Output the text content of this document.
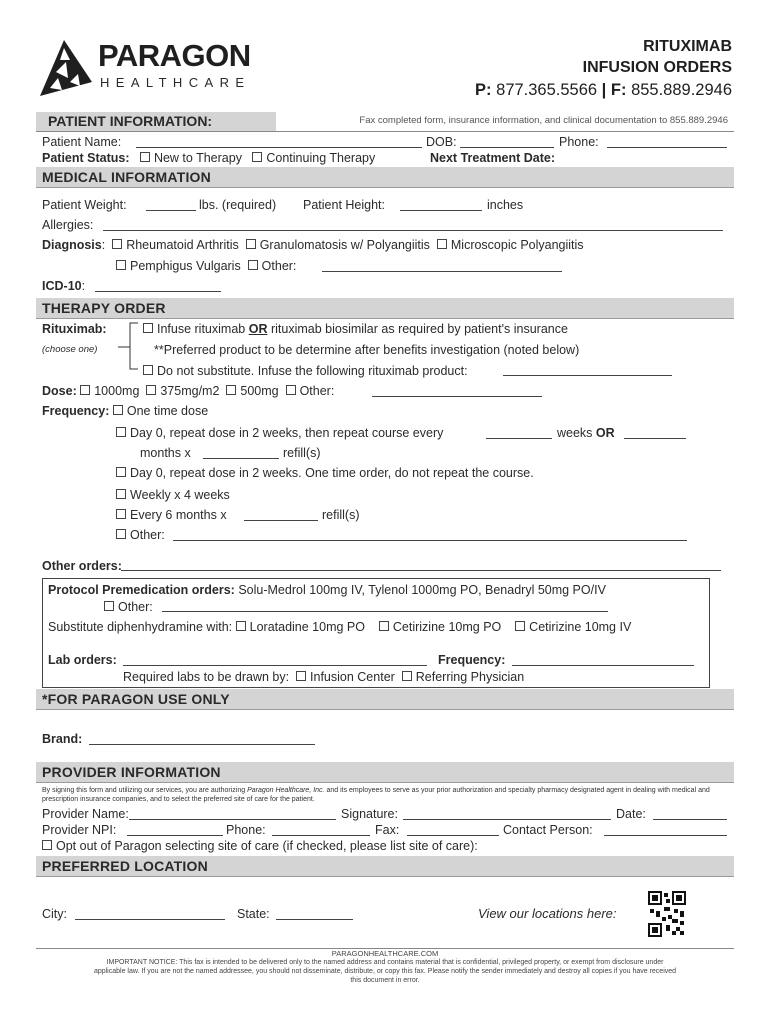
PARAGON
HEALTHCARE
RITUXIMAB
INFUSION ORDERS
P: 877.365.5566 | F: 855.889.2946
PATIENT INFORMATION:	Fax completed form, insurance information, and clinical documentation to 855.889.2946
Patient Name:	DOB:	Phone:
Patient Status: New to Therapy Continuing Therapy	Next Treatment Date:
MEDICAL INFORMATION
Patient Weight:	lbs. (required) Patient Height:	inches
Allergies:
Diagnosis: Rheumatoid Arthritis Granulomatosis w/ Polyangiitis Microscopic Polyangiitis
Pemphigus Vulgaris Other:
ICD-10:
THERAPY ORDER
Rituximab:
(choose one)
Infuse rituximab OR rituximab biosimilar as required by patient's insurance
**Preferred product to be determine after benefits investigation (noted below)
Do not substitute. Infuse the following rituximab product:
Dose: 1000mg 375mg/m2 500mg Other:
Frequency: One time dose
Day 0, repeat dose in 2 weeks, then repeat course every	weeks OR
months x	refill(s)
Day 0, repeat dose in 2 weeks. One time order, do not repeat the course.
Weekly x 4 weeks
Every 6 months x	refill(s)
Other:
Other orders:
Protocol Premedication orders: Solu-Medrol 100mg IV, Tylenol 1000mg PO, Benadryl 50mg PO/IV
Other:
Substitute diphenhydramine with: Loratadine 10mg PO Cetirizine 10mg PO Cetirizine 10mg IV
Lab orders:	Frequency:
Required labs to be drawn by: Infusion Center Referring Physician
*FOR PARAGON USE ONLY
Brand:
PROVIDER INFORMATION
By signing this form and utilizing our services, you are authorizing Paragon Healthcare, Inc. and its employees to serve as your prior authorization and specialty pharmacy designated agent in dealing with medical and prescription insurance companies, and to select the preferred site of care for the patient.
Provider Name:	Signature:	Date:
Provider NPI:	Phone:	Fax:	Contact Person:
Opt out of Paragon selecting site of care (if checked, please list site of care):
PREFERRED LOCATION
City:	State:	View our locations here:
PARAGONHEALTHCARE.COM
IMPORTANT NOTICE: This fax is intended to be delivered only to the named address and contains material that is confidential, privileged property, or exempt from disclosure under
applicable law. If you are not the named addressee, you should not disseminate, distribute, or copy this fax. Please notify the sender immediately and destroy all copies if you have received
this document in error.
